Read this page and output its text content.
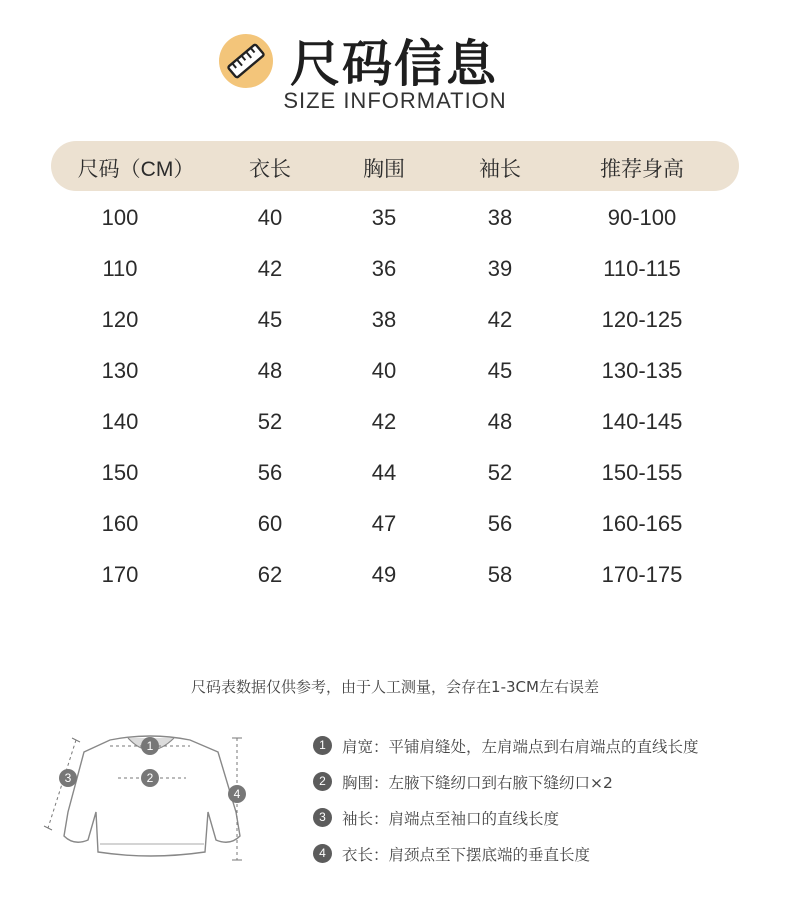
尺码信息
SIZE INFORMATION
尺码（CM）	衣长	胸围	袖长	推荐身高
100	40	35	38	90-100
110	42	36	39	110-115
120	45	38	42	120-125
130	48	40	45	130-135
140	52	42	48	140-145
150	56	44	52	150-155
160	60	47	56	160-165
170	62	49	58	170-175
尺码表数据仅供参考，由于人工测量，会存在1-3CM左右误差
1
2
3
4
1	肩宽：平铺肩缝处，左肩端点到右肩端点的直线长度
2	胸围：左腋下缝纫口到右腋下缝纫口×2
3	袖长：肩端点至袖口的直线长度
4	衣长：肩颈点至下摆底端的垂直长度
